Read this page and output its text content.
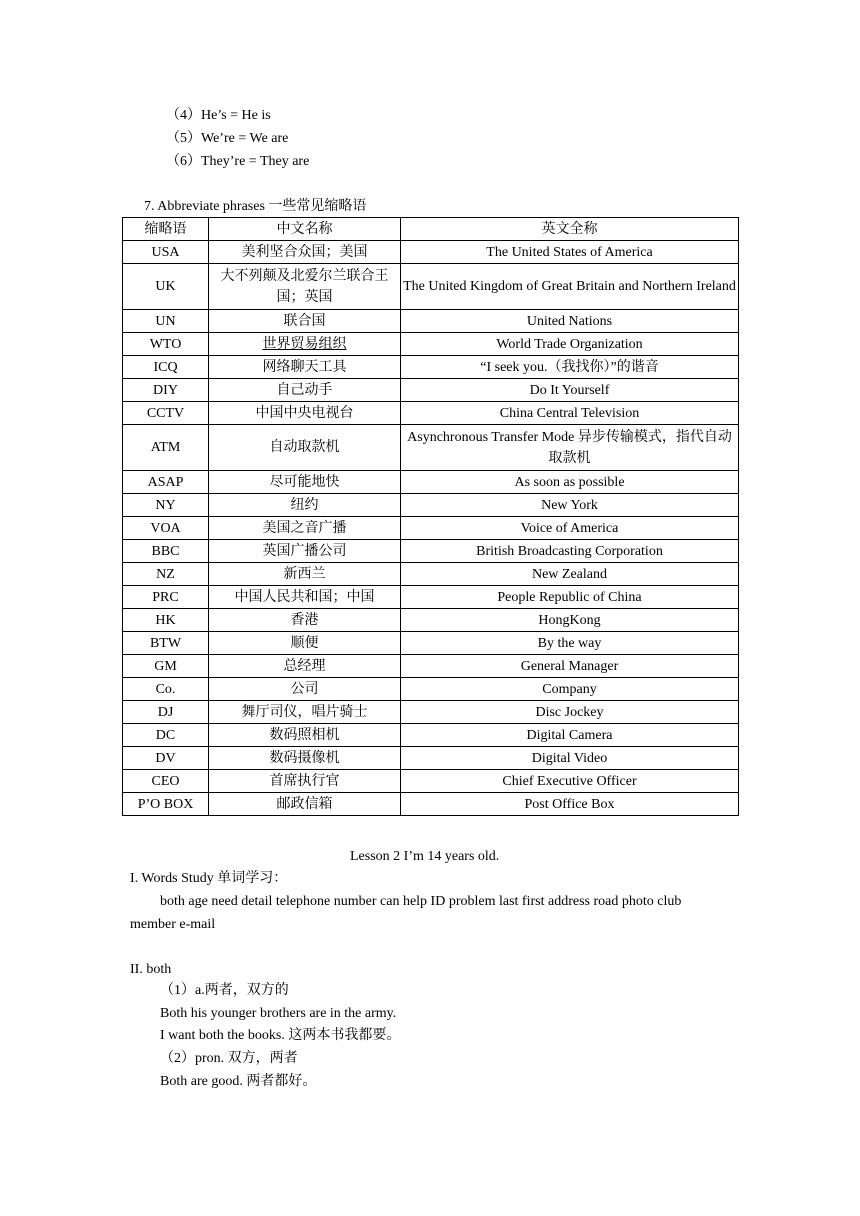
（4）He’s = He is
（5）We’re = We are
（6）They’re = They are
7. Abbreviate phrases 一些常见缩略语
缩略语	中文名称	英文全称
USA	美利坚合众国；美国	The United States of America
UK	大不列颠及北爱尔兰联合王国；英国	The United Kingdom of Great Britain and Northern Ireland
UN	联合国	United Nations
WTO	世界贸易组织	World Trade Organization
ICQ	网络聊天工具	“I seek you.（我找你）”的谐音
DIY	自己动手	Do It Yourself
CCTV	中国中央电视台	China Central Television
ATM	自动取款机	Asynchronous Transfer Mode 异步传输模式，指代自动取款机
ASAP	尽可能地快	As soon as possible
NY	纽约	New York
VOA	美国之音广播	Voice of America
BBC	英国广播公司	British Broadcasting Corporation
NZ	新西兰	New Zealand
PRC	中国人民共和国；中国	People Republic of China
HK	香港	HongKong
BTW	顺便	By the way
GM	总经理	General Manager
Co.	公司	Company
DJ	舞厅司仪，唱片骑士	Disc Jockey
DC	数码照相机	Digital Camera
DV	数码摄像机	Digital Video
CEO	首席执行官	Chief Executive Officer
P’O BOX	邮政信箱	Post Office Box
Lesson 2 I’m 14 years old.
I. Words Study 单词学习：
both age need detail telephone number can help ID problem last first address road photo club
member e-mail
II. both
（1）a.两者，双方的
Both his younger brothers are in the army.
I want both the books. 这两本书我都要。
（2）pron. 双方，两者
Both are good. 两者都好。
